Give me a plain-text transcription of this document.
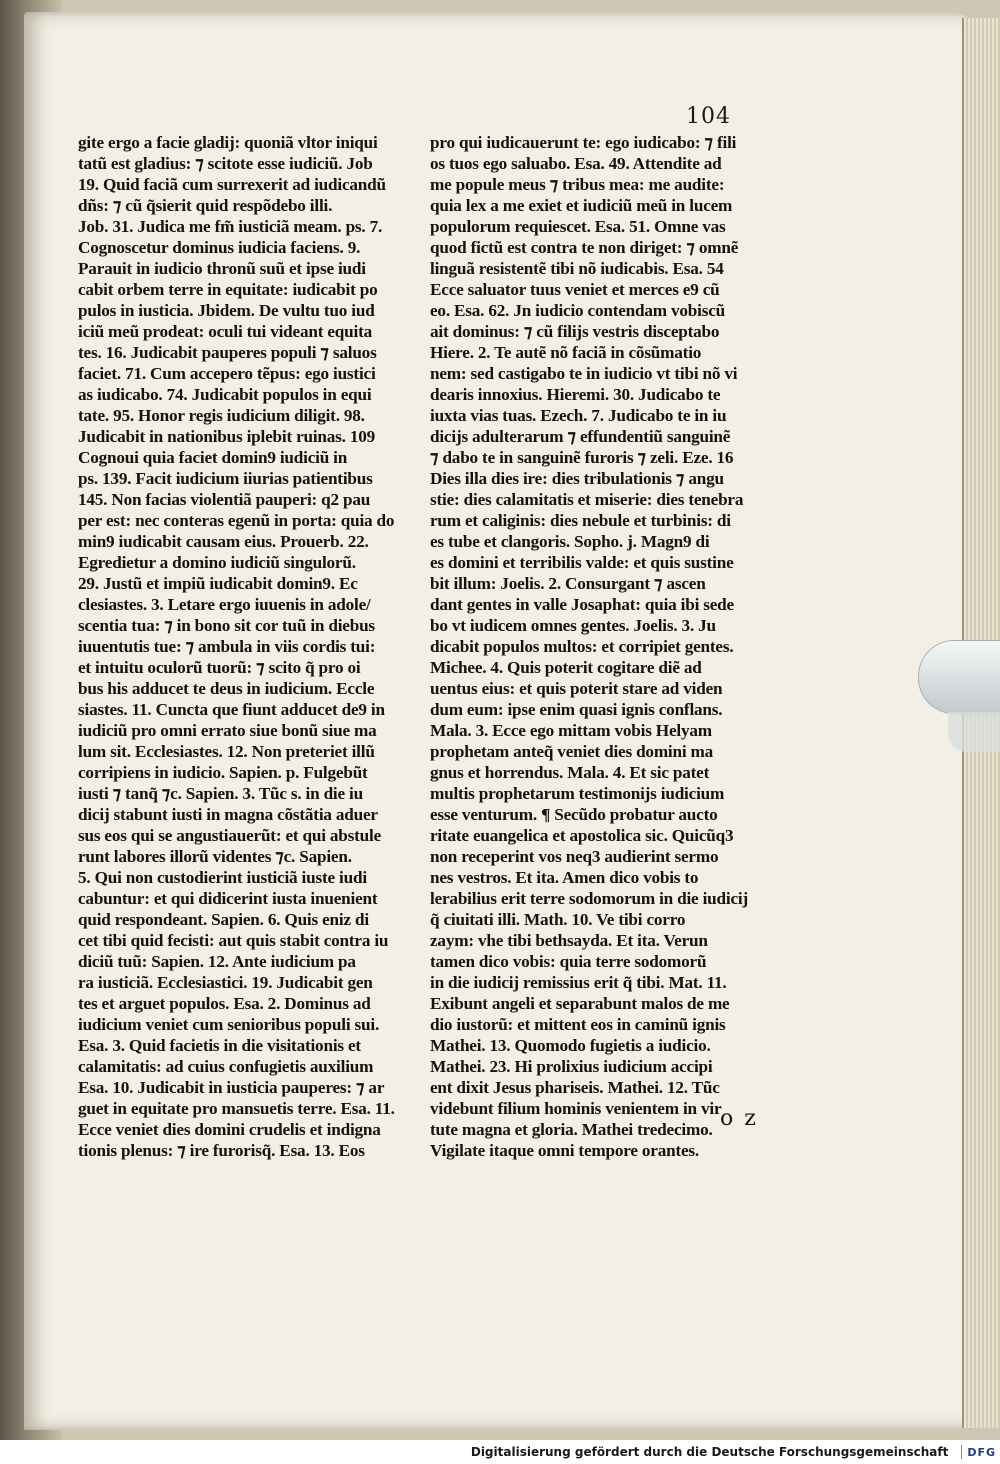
104
gite ergo a facie gladij: quoniã vltor iniqui
tatũ est gladius: ⁊ scitote esse iudiciũ. Job
19. Quid faciã cum surrexerit ad iudicandũ
dñs: ⁊ cũ q̃sierit quid respõdebo illi.
Job. 31. Judica me fm̃ iusticiã meam. ps. 7.
Cognoscetur dominus iudicia faciens. 9.
Parauit in iudicio thronũ suũ et ipse iudi
cabit orbem terre in equitate: iudicabit po
pulos in iusticia. Jbidem. De vultu tuo iud
iciũ meũ prodeat: oculi tui videant equita
tes. 16. Judicabit pauperes populi ⁊ saluos
faciet. 71. Cum accepero tẽpus: ego iustici
as iudicabo. 74. Judicabit populos in equi
tate. 95. Honor regis iudicium diligit. 98.
Judicabit in nationibus iplebit ruinas. 109
Cognoui quia faciet domin9 iudiciũ in
ps. 139. Facit iudicium iiurias patientibus
145. Non facias violentiã pauperi: q2 pau
per est: nec conteras egenũ in porta: quia do
min9 iudicabit causam eius. Prouerb. 22.
Egredietur a domino iudiciũ singulorũ.
29. Justũ et impiũ iudicabit domin9. Ec
clesiastes. 3. Letare ergo iuuenis in adole/
scentia tua: ⁊ in bono sit cor tuũ in diebus
iuuentutis tue: ⁊ ambula in viis cordis tui:
et intuitu oculorũ tuorũ: ⁊ scito q̃ pro oi
bus his adducet te deus in iudicium. Eccle
siastes. 11. Cuncta que fiunt adducet de9 in
iudiciũ pro omni errato siue bonũ siue ma
lum sit. Ecclesiastes. 12. Non preteriet illũ
corripiens in iudicio. Sapien. p. Fulgebũt
iusti ⁊ tanq̃ ⁊c. Sapien. 3. Tũc s. in die iu
dicij stabunt iusti in magna cõstãtia aduer
sus eos qui se angustiauerũt: et qui abstule
runt labores illorũ videntes ⁊c. Sapien.
5. Qui non custodierint iusticiã iuste iudi
cabuntur: et qui didicerint iusta inuenient
quid respondeant. Sapien. 6. Quis eniz di
cet tibi quid fecisti: aut quis stabit contra iu
diciũ tuũ: Sapien. 12. Ante iudicium pa
ra iusticiã. Ecclesiastici. 19. Judicabit gen
tes et arguet populos. Esa. 2. Dominus ad
iudicium veniet cum senioribus populi sui.
Esa. 3. Quid facietis in die visitationis et
calamitatis: ad cuius confugietis auxilium
Esa. 10. Judicabit in iusticia pauperes: ⁊ ar
guet in equitate pro mansuetis terre. Esa. 11.
Ecce veniet dies domini crudelis et indigna
tionis plenus: ⁊ ire furorisq̃. Esa. 13. Eos
pro qui iudicauerunt te: ego iudicabo: ⁊ fili
os tuos ego saluabo. Esa. 49. Attendite ad
me popule meus ⁊ tribus mea: me audite:
quia lex a me exiet et iudiciũ meũ in lucem
populorum requiescet. Esa. 51. Omne vas
quod fictũ est contra te non diriget: ⁊ omnẽ
linguã resistentẽ tibi nõ iudicabis. Esa. 54
Ecce saluator tuus veniet et merces e9 cũ
eo. Esa. 62. Jn iudicio contendam vobiscũ
ait dominus: ⁊ cũ filijs vestris disceptabo
Hiere. 2. Te autẽ nõ faciã in cõsũmatio
nem: sed castigabo te in iudicio vt tibi nõ vi
dearis innoxius. Hieremi. 30. Judicabo te
iuxta vias tuas. Ezech. 7. Judicabo te in iu
dicijs adulterarum ⁊ effundentiũ sanguinẽ
⁊ dabo te in sanguinẽ furoris ⁊ zeli. Eze. 16
Dies illa dies ire: dies tribulationis ⁊ angu
stie: dies calamitatis et miserie: dies tenebra
rum et caliginis: dies nebule et turbinis: di
es tube et clangoris. Sopho. j. Magn9 di
es domini et terribilis valde: et quis sustine
bit illum: Joelis. 2. Consurgant ⁊ ascen
dant gentes in valle Josaphat: quia ibi sede
bo vt iudicem omnes gentes. Joelis. 3. Ju
dicabit populos multos: et corripiet gentes.
Michee. 4. Quis poterit cogitare diẽ ad
uentus eius: et quis poterit stare ad viden
dum eum: ipse enim quasi ignis conflans.
Mala. 3. Ecce ego mittam vobis Helyam
prophetam anteq̃ veniet dies domini ma
gnus et horrendus. Mala. 4. Et sic patet
multis prophetarum testimonijs iudicium
esse venturum. ¶ Secũdo probatur aucto
ritate euangelica et apostolica sic. Quicũq3
non receperint vos neq3 audierint sermo
nes vestros. Et ita. Amen dico vobis to
lerabilius erit terre sodomorum in die iudicij
q̃ ciuitati illi. Math. 10. Ve tibi corro
zaym: vhe tibi bethsayda. Et ita. Verun
tamen dico vobis: quia terre sodomorũ
in die iudicij remissius erit q̃ tibi. Mat. 11.
Exibunt angeli et separabunt malos de me
dio iustorũ: et mittent eos in caminũ ignis
Mathei. 13. Quomodo fugietis a iudicio.
Mathei. 23. Hi prolixius iudicium accipi
ent dixit Jesus phariseis. Mathei. 12. Tũc
videbunt filium hominis venientem in vir
tute magna et gloria. Mathei tredecimo.
Vigilate itaque omni tempore orantes.
o z
Digitalisierung gefördert durch die Deutsche Forschungsgemeinschaft DFG
